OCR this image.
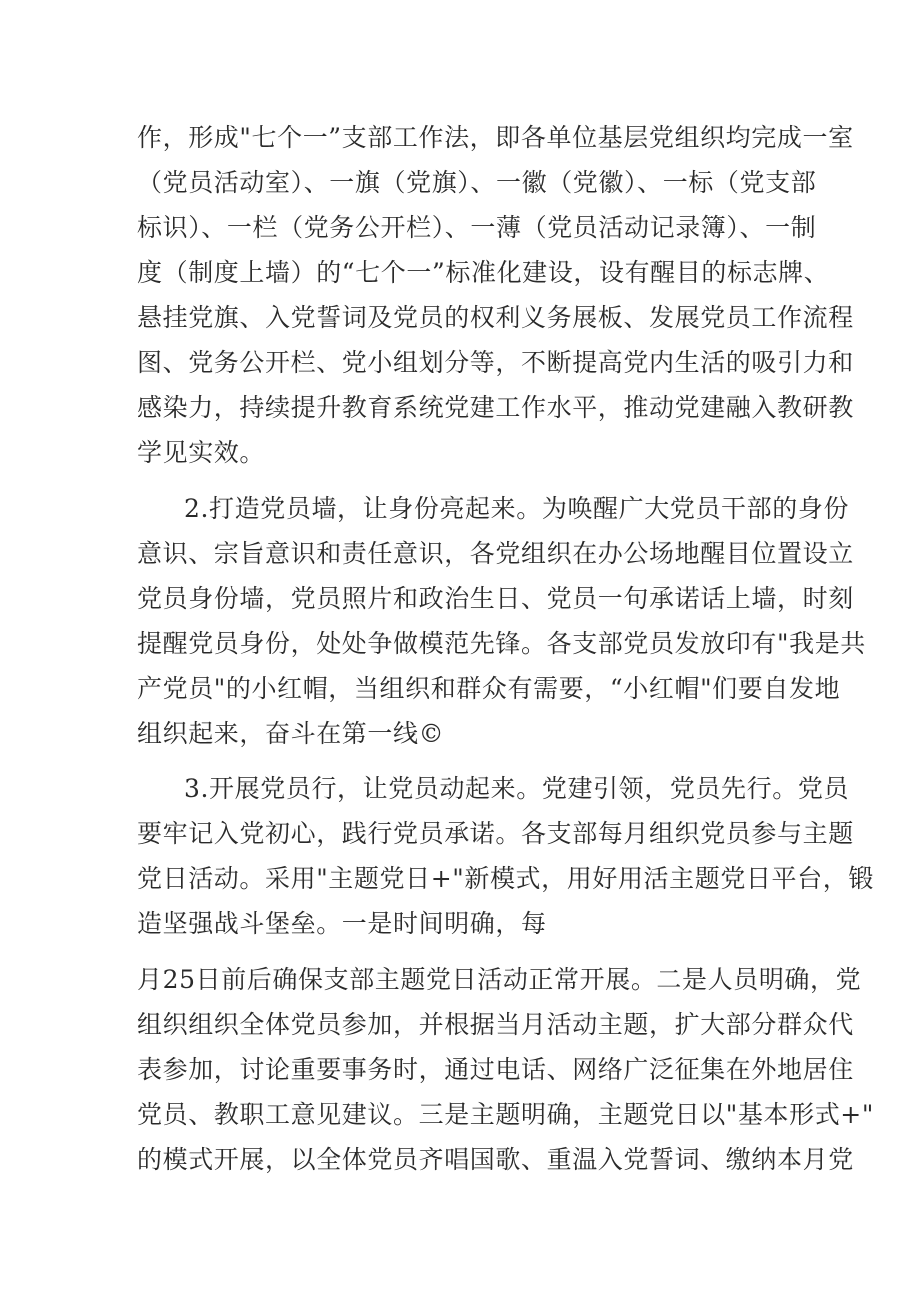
作，形成"七个一”支部工作法，即各单位基层党组织均完成一室
（党员活动室）、一旗（党旗）、一徽（党徽）、一标（党支部
标识）、一栏（党务公开栏）、一薄（党员活动记录簿）、一制
度（制度上墙）的“七个一”标准化建设，设有醒目的标志牌、
悬挂党旗、入党誓词及党员的权利义务展板、发展党员工作流程
图、党务公开栏、党小组划分等，不断提高党内生活的吸引力和
感染力，持续提升教育系统党建工作水平，推动党建融入教研教
学见实效。
2.打造党员墙，让身份亮起来。为唤醒广大党员干部的身份
意识、宗旨意识和责任意识，各党组织在办公场地醒目位置设立
党员身份墙，党员照片和政治生日、党员一句承诺话上墙，时刻
提醒党员身份，处处争做模范先锋。各支部党员发放印有"我是共
产党员"的小红帽，当组织和群众有需要，“小红帽"们要自发地
组织起来，奋斗在第一线©
3.开展党员行，让党员动起来。党建引领，党员先行。党员
要牢记入党初心，践行党员承诺。各支部每月组织党员参与主题
党日活动。采用"主题党日+"新模式，用好用活主题党日平台，锻
造坚强战斗堡垒。一是时间明确，每
月25日前后确保支部主题党日活动正常开展。二是人员明确，党
组织组织全体党员参加，并根据当月活动主题，扩大部分群众代
表参加，讨论重要事务时，通过电话、网络广泛征集在外地居住
党员、教职工意见建议。三是主题明确，主题党日以"基本形式+"
的模式开展，以全体党员齐唱国歌、重温入党誓词、缴纳本月党
